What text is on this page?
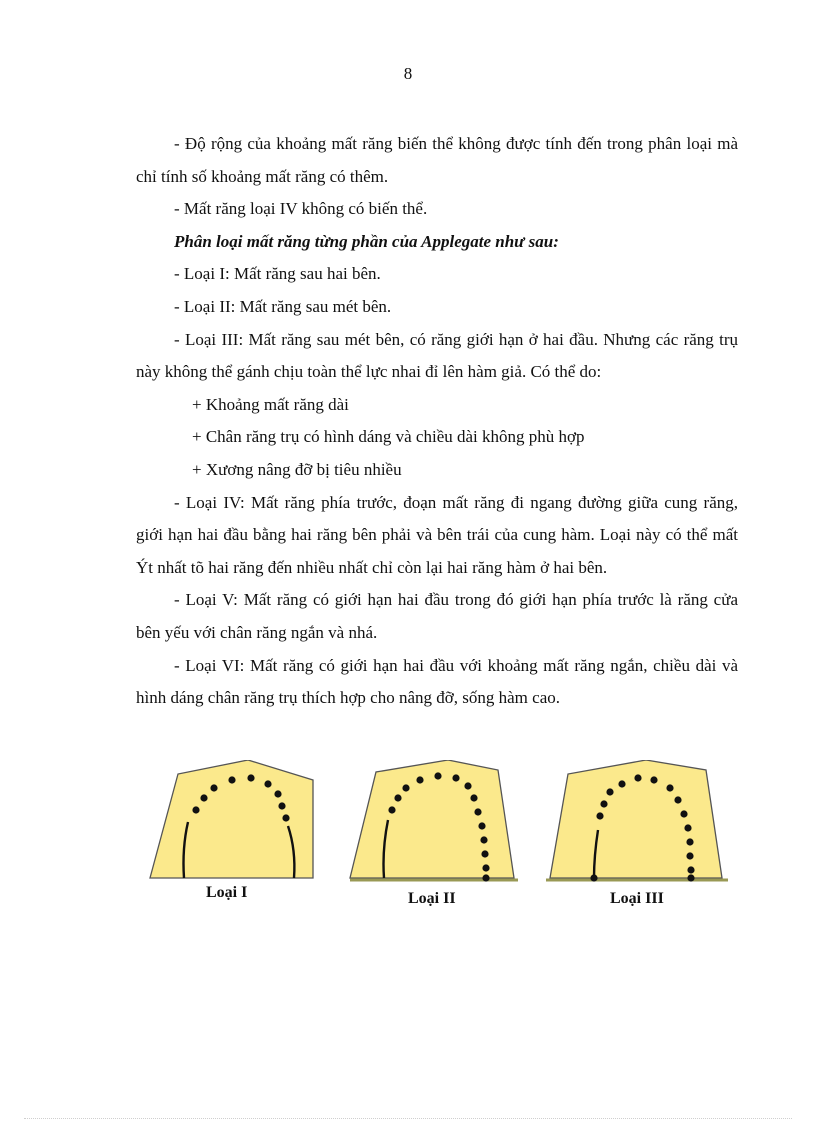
8

- Độ rộng của khoảng mất răng biến thể không được tính đến trong phân loại mà chỉ tính số khoảng mất răng có thêm.

- Mất răng loại IV không có biến thể.

Phân loại mất răng từng phần của Applegate như sau:

- Loại I: Mất răng sau hai bên.

- Loại II: Mất răng sau mét bên.

- Loại III: Mất răng sau mét bên, có răng giới hạn ở hai đầu. Nhưng các răng trụ này không thể gánh chịu toàn thể lực nhai đỉ lên hàm giả. Có thể do:

+ Khoảng mất răng dài

+ Chân răng trụ có hình dáng và chiều dài không phù hợp

+ Xương nâng đỡ bị tiêu nhiều

- Loại IV: Mất răng phía trước, đoạn mất răng đi ngang đường giữa cung răng, giới hạn hai đầu bằng hai răng bên phải và bên trái của cung hàm. Loại này có thể mất Ýt nhất tõ hai răng đến nhiều nhất chỉ còn lại hai răng hàm ở hai bên.

- Loại V: Mất răng có giới hạn hai đầu trong đó giới hạn phía trước là răng cửa bên yếu với chân răng ngắn và nhá.

- Loại VI: Mất răng có giới hạn hai đầu với khoảng mất răng ngắn, chiều dài và hình dáng chân răng trụ thích hợp cho nâng đỡ, sống hàm cao.

Loại I	Loại II	Loại III
